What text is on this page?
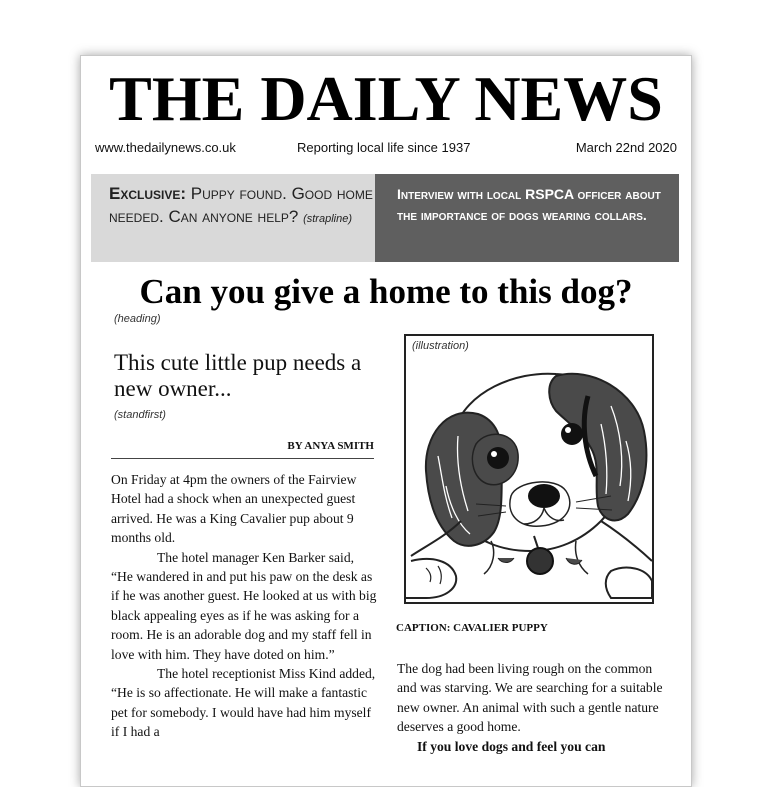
THE DAILY NEWS
www.thedailynews.co.uk	Reporting local life since 1937	March 22nd 2020
Exclusive: Puppy found. Good home needed. Can anyone help? (strapline)
Interview with local RSPCA officer about the importance of dogs wearing collars.
Can you give a home to this dog?
(heading)
This cute little pup needs a new owner...
(standfirst)
BY ANYA SMITH

On Friday at 4pm the owners of the Fairview Hotel had a shock when an unexpected guest arrived. He was a King Cavalier pup about 9 months old.

The hotel manager Ken Barker said, “He wandered in and put his paw on the desk as if he was another guest. He looked at us with big black appealing eyes as if he was asking for a room. He is an adorable dog and my staff fell in love with him. They have doted on him.”

The hotel receptionist Miss Kind added, “He is so affectionate. He will make a fantastic pet for somebody. I would have had him myself if I had a

(illustration)
CAPTION: CAVALIER PUPPY

The dog had been living rough on the common and was starving. We are searching for a suitable new owner. An animal with such a gentle nature deserves a good home.

If you love dogs and feel you can
